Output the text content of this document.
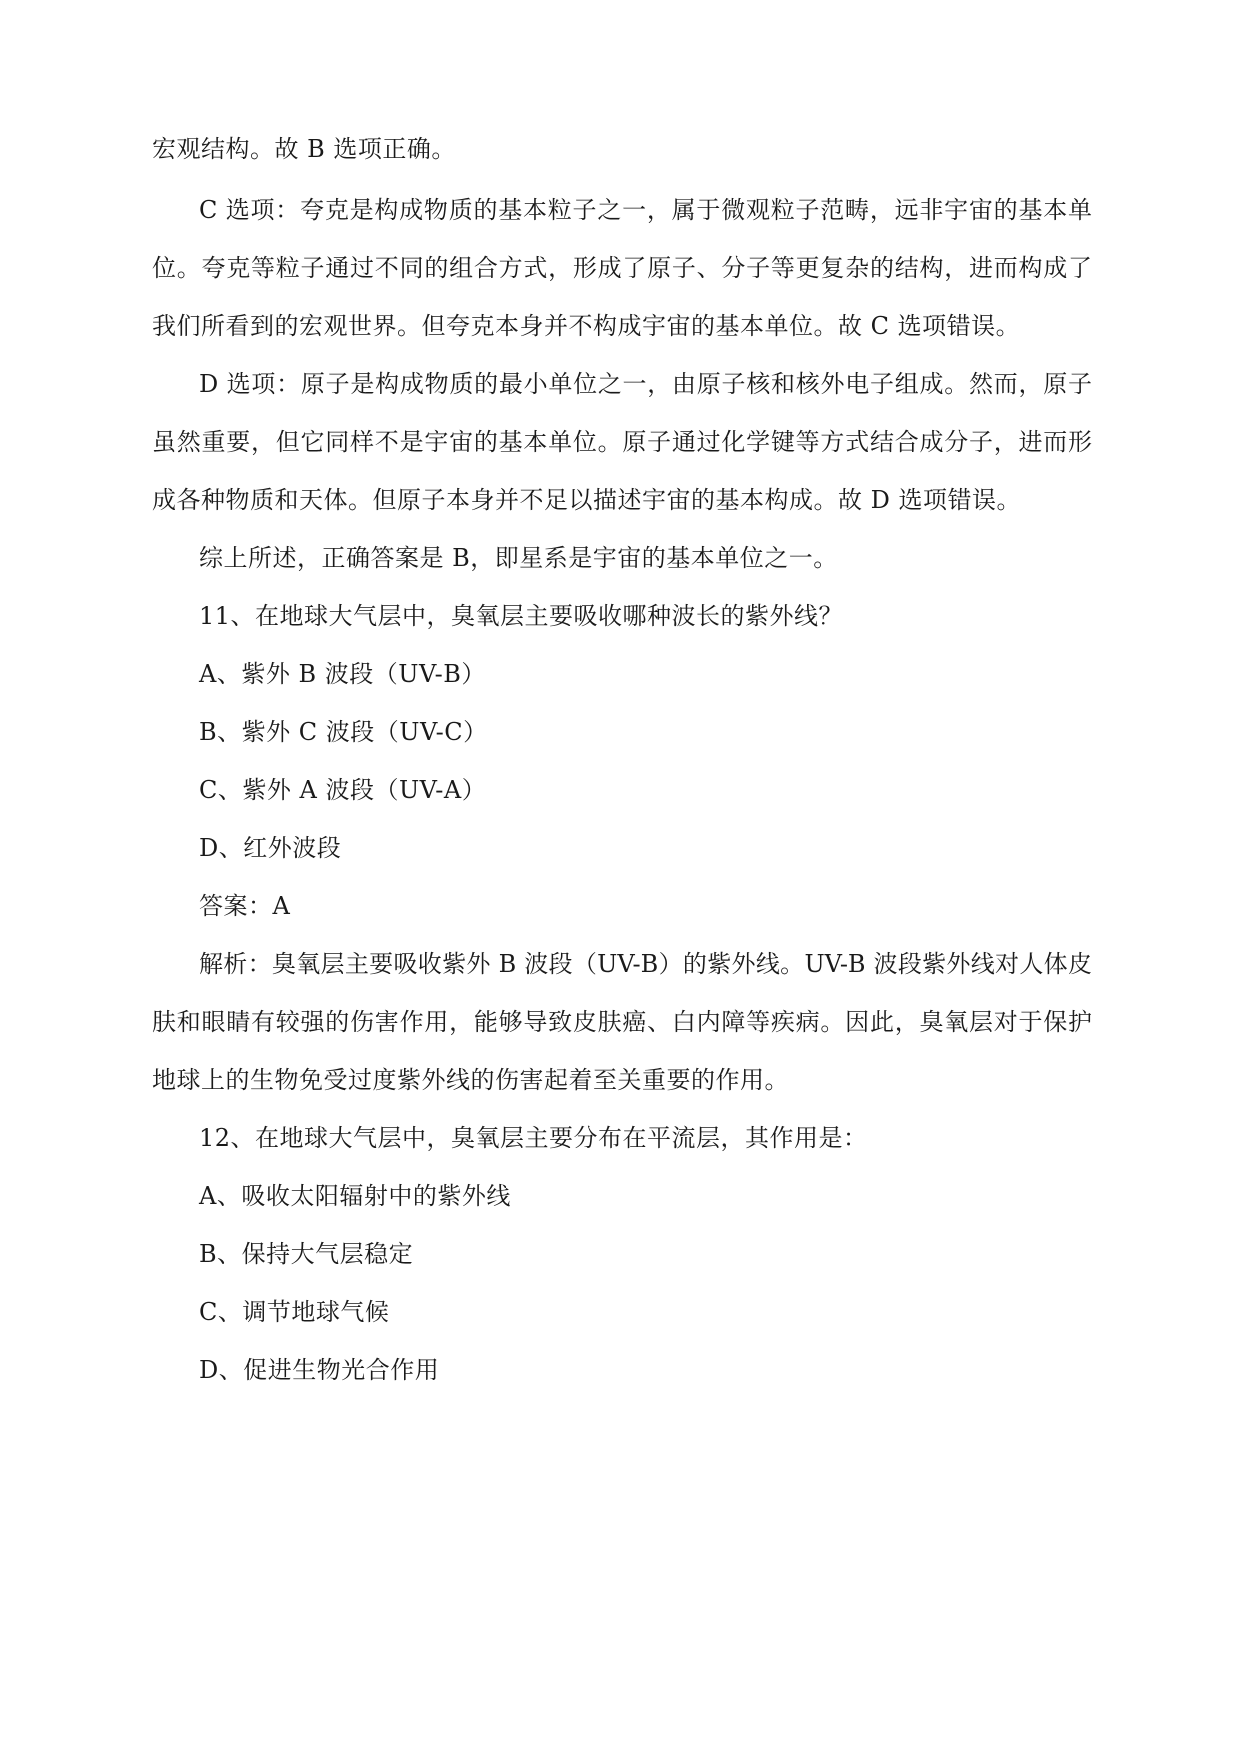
宏观结构。故 B 选项正确。
C 选项：夸克是构成物质的基本粒子之一，属于微观粒子范畴，远非宇宙的基本单
位。夸克等粒子通过不同的组合方式，形成了原子、分子等更复杂的结构，进而构成了
我们所看到的宏观世界。但夸克本身并不构成宇宙的基本单位。故 C 选项错误。
D 选项：原子是构成物质的最小单位之一，由原子核和核外电子组成。然而，原子
虽然重要，但它同样不是宇宙的基本单位。原子通过化学键等方式结合成分子，进而形
成各种物质和天体。但原子本身并不足以描述宇宙的基本构成。故 D 选项错误。
综上所述，正确答案是 B，即星系是宇宙的基本单位之一。
11、在地球大气层中，臭氧层主要吸收哪种波长的紫外线？
A、紫外 B 波段（UV-B）
B、紫外 C 波段（UV-C）
C、紫外 A 波段（UV-A）
D、红外波段
答案：A
解析：臭氧层主要吸收紫外 B 波段（UV-B）的紫外线。UV-B 波段紫外线对人体皮
肤和眼睛有较强的伤害作用，能够导致皮肤癌、白内障等疾病。因此，臭氧层对于保护
地球上的生物免受过度紫外线的伤害起着至关重要的作用。
12、在地球大气层中，臭氧层主要分布在平流层，其作用是：
A、吸收太阳辐射中的紫外线
B、保持大气层稳定
C、调节地球气候
D、促进生物光合作用
